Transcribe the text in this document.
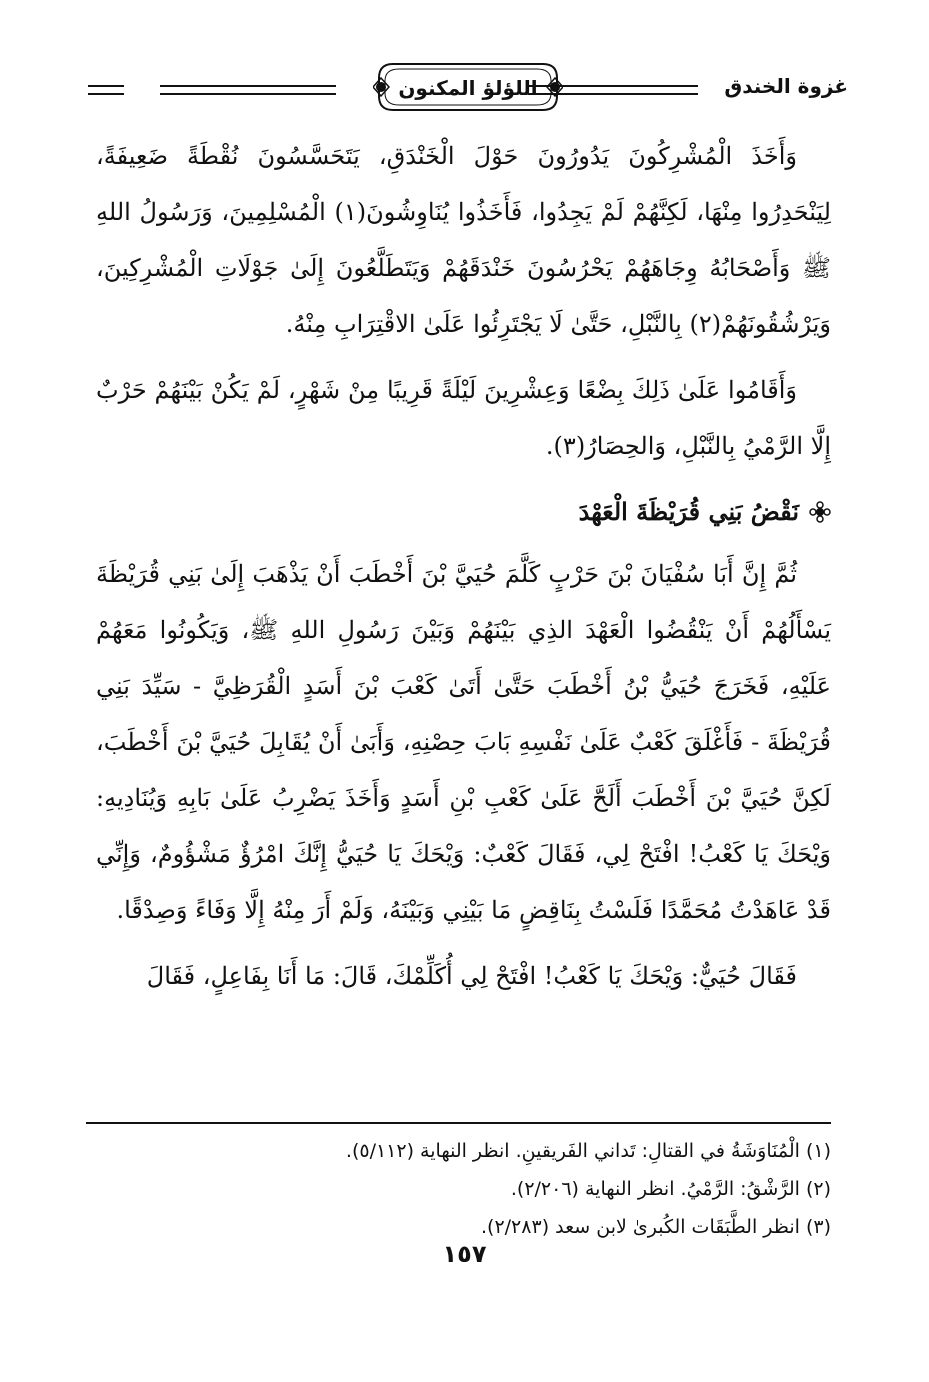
غزوة الخندق
اللؤلؤ المكنون

وَأَخَذَ الْمُشْرِكُونَ يَدُورُونَ حَوْلَ الْخَنْدَقِ، يَتَحَسَّسُونَ نُقْطَةً ضَعِيفَةً، لِيَنْحَدِرُوا مِنْهَا، لَكِنَّهُمْ لَمْ يَجِدُوا، فَأَخَذُوا يُنَاوِشُونَ(١) الْمُسْلِمِينَ، وَرَسُولُ اللهِ ﷺ وَأَصْحَابُهُ وِجَاهَهُمْ يَحْرُسُونَ خَنْدَقَهُمْ وَيَتَطَلَّعُونَ إِلَىٰ جَوْلَاتِ الْمُشْرِكِينَ، وَيَرْشُقُونَهُمْ(٢) بِالنَّبْلِ، حَتَّىٰ لَا يَجْتَرِئُوا عَلَىٰ الاقْتِرَابِ مِنْهُ.

وَأَقَامُوا عَلَىٰ ذَلِكَ بِضْعًا وَعِشْرِينَ لَيْلَةً قَرِيبًا مِنْ شَهْرٍ، لَمْ يَكُنْ بَيْنَهُمْ حَرْبٌ إِلَّا الرَّمْيُ بِالنَّبْلِ، وَالحِصَارُ(٣).

نَقْضُ بَنِي قُرَيْظَةَ الْعَهْدَ

ثُمَّ إِنَّ أَبَا سُفْيَانَ بْنَ حَرْبٍ كَلَّمَ حُيَيَّ بْنَ أَخْطَبَ أَنْ يَذْهَبَ إِلَىٰ بَنِي قُرَيْظَةَ يَسْأَلُهُمْ أَنْ يَنْقُضُوا الْعَهْدَ الذِي بَيْنَهُمْ وَبَيْنَ رَسُولِ اللهِ ﷺ، وَيَكُونُوا مَعَهُمْ عَلَيْهِ، فَخَرَجَ حُيَيُّ بْنُ أَخْطَبَ حَتَّىٰ أَتَىٰ كَعْبَ بْنَ أَسَدٍ الْقُرَظِيَّ - سَيِّدَ بَنِي قُرَيْظَةَ - فَأَغْلَقَ كَعْبٌ عَلَىٰ نَفْسِهِ بَابَ حِصْنِهِ، وَأَبَىٰ أَنْ يُقَابِلَ حُيَيَّ بْنَ أَخْطَبَ، لَكِنَّ حُيَيَّ بْنَ أَخْطَبَ أَلَحَّ عَلَىٰ كَعْبِ بْنِ أَسَدٍ وَأَخَذَ يَضْرِبُ عَلَىٰ بَابِهِ وَيُنَادِيهِ: وَيْحَكَ يَا كَعْبُ! افْتَحْ لِي، فَقَالَ كَعْبٌ: وَيْحَكَ يَا حُيَيُّ إِنَّكَ امْرُؤٌ مَشْؤُومٌ، وَإِنِّي قَدْ عَاهَدْتُ مُحَمَّدًا فَلَسْتُ بِنَاقِضٍ مَا بَيْنِي وَبَيْنَهُ، وَلَمْ أَرَ مِنْهُ إِلَّا وَفَاءً وَصِدْقًا.

فَقَالَ حُيَيٌّ: وَيْحَكَ يَا كَعْبُ! افْتَحْ لِي أُكَلِّمْكَ، قَالَ: مَا أَنَا بِفَاعِلٍ، فَقَالَ

(١) الْمُنَاوَشَةُ في القتالِ: تَداني الفَريقينِ. انظر النهاية (٥/١١٢).

(٢) الرَّشْقُ: الرَّمْيُ. انظر النهاية (٢/٢٠٦).

(٣) انظر الطَّبَقَات الكُبرىٰ لابن سعد (٢/٢٨٣).

١٥٧
